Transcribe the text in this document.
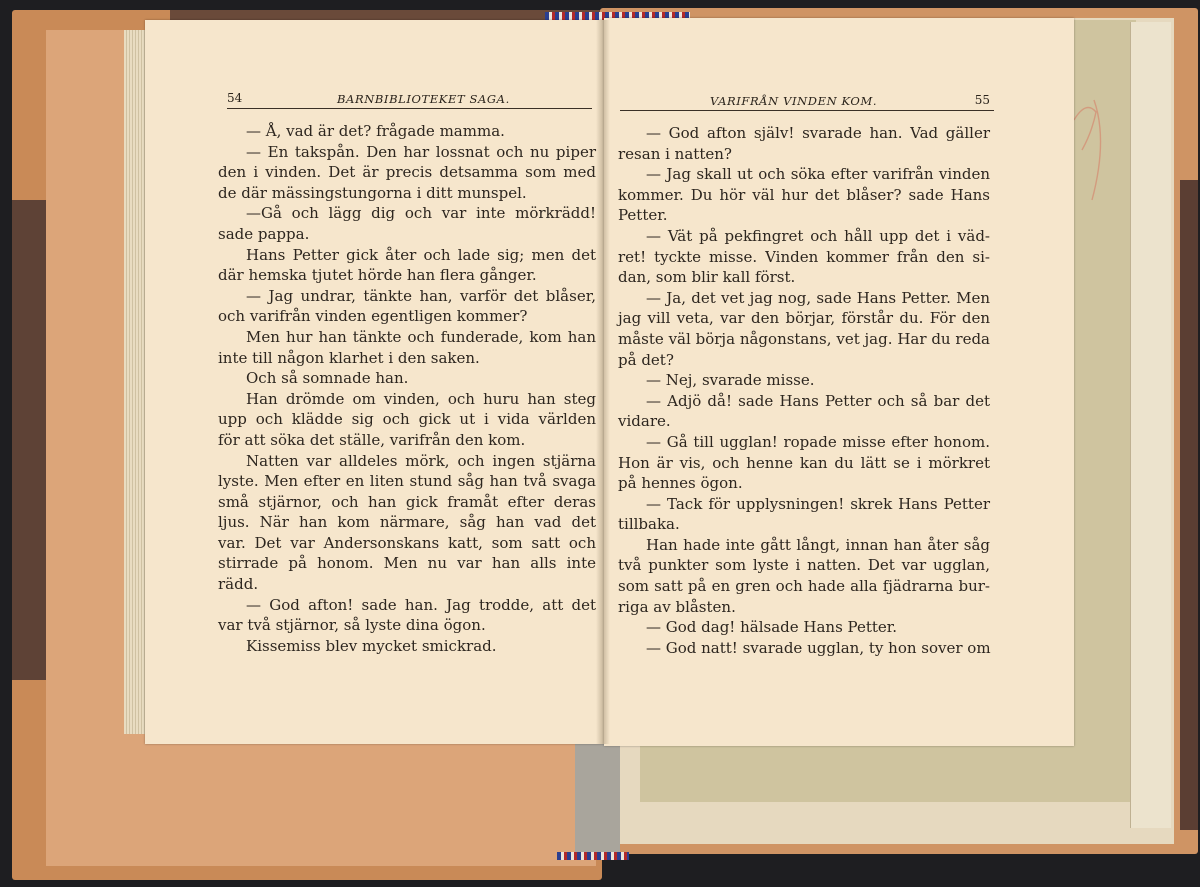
54	BARNBIBLIOTEKET SAGA.
— Å, vad är det? frågade mamma.
— En takspån. Den har lossnat och nu piper
den i vinden. Det är precis detsamma som med
de där mässingstungorna i ditt munspel.
—Gå och lägg dig och var inte mörkrädd!
sade pappa.
Hans Petter gick åter och lade sig; men det
där hemska tjutet hörde han flera gånger.
— Jag undrar, tänkte han, varför det blåser,
och varifrån vinden egentligen kommer?
Men hur han tänkte och funderade, kom han
inte till någon klarhet i den saken.
Och så somnade han.
Han drömde om vinden, och huru han steg
upp och klädde sig och gick ut i vida världen
för att söka det ställe, varifrån den kom.
Natten var alldeles mörk, och ingen stjärna
lyste. Men efter en liten stund såg han två svaga
små stjärnor, och han gick framåt efter deras
ljus. När han kom närmare, såg han vad det
var. Det var Andersonskans katt, som satt och
stirrade på honom. Men nu var han alls inte
rädd.
— God afton! sade han. Jag trodde, att det
var två stjärnor, så lyste dina ögon.
Kissemiss blev mycket smickrad.
VARIFRÅN VINDEN KOM.	55
— God afton själv! svarade han. Vad gäller
resan i natten?
— Jag skall ut och söka efter varifrån vinden
kommer. Du hör väl hur det blåser? sade Hans
Petter.
— Vät på pekfingret och håll upp det i väd-
ret! tyckte misse. Vinden kommer från den si-
dan, som blir kall först.
— Ja, det vet jag nog, sade Hans Petter. Men
jag vill veta, var den börjar, förstår du. För den
måste väl börja någonstans, vet jag. Har du reda
på det?
— Nej, svarade misse.
— Adjö då! sade Hans Petter och så bar det
vidare.
— Gå till ugglan! ropade misse efter honom.
Hon är vis, och henne kan du lätt se i mörkret
på hennes ögon.
— Tack för upplysningen! skrek Hans Petter
tillbaka.
Han hade inte gått långt, innan han åter såg
två punkter som lyste i natten. Det var ugglan,
som satt på en gren och hade alla fjädrarna bur-
riga av blåsten.
— God dag! hälsade Hans Petter.
— God natt! svarade ugglan, ty hon sover om
